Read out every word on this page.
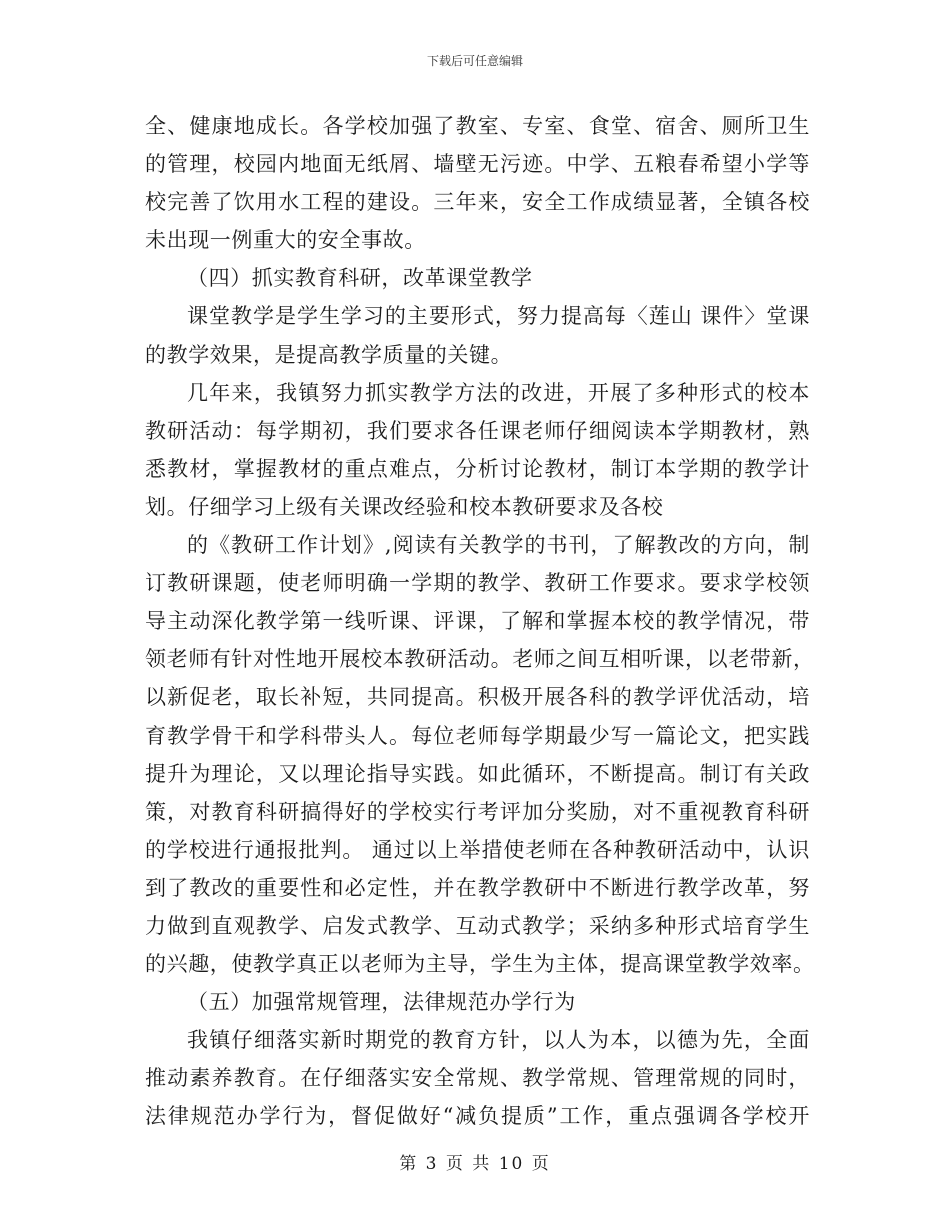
下载后可任意编辑
全、健康地成长。各学校加强了教室、专室、食堂、宿舍、厕所卫生
的管理，校园内地面无纸屑、墙壁无污迹。中学、五粮春希望小学等
校完善了饮用水工程的建设。三年来，安全工作成绩显著，全镇各校
未出现一例重大的安全事故。
（四）抓实教育科研，改革课堂教学
课堂教学是学生学习的主要形式，努力提高每〈莲山 课件〉堂课
的教学效果，是提高教学质量的关键。
几年来，我镇努力抓实教学方法的改进，开展了多种形式的校本
教研活动：每学期初，我们要求各任课老师仔细阅读本学期教材，熟
悉教材，掌握教材的重点难点，分析讨论教材，制订本学期的教学计
划。仔细学习上级有关课改经验和校本教研要求及各校
的《教研工作计划》,阅读有关教学的书刊，了解教改的方向，制
订教研课题，使老师明确一学期的教学、教研工作要求。要求学校领
导主动深化教学第一线听课、评课，了解和掌握本校的教学情况，带
领老师有针对性地开展校本教研活动。老师之间互相听课，以老带新，
以新促老，取长补短，共同提高。积极开展各科的教学评优活动，培
育教学骨干和学科带头人。每位老师每学期最少写一篇论文，把实践
提升为理论，又以理论指导实践。如此循环，不断提高。制订有关政
策，对教育科研搞得好的学校实行考评加分奖励，对不重视教育科研
的学校进行通报批判。 通过以上举措使老师在各种教研活动中，认识
到了教改的重要性和必定性，并在教学教研中不断进行教学改革，努
力做到直观教学、启发式教学、互动式教学；采纳多种形式培育学生
的兴趣，使教学真正以老师为主导，学生为主体，提高课堂教学效率。
（五）加强常规管理，法律规范办学行为
我镇仔细落实新时期党的教育方针，以人为本，以德为先，全面
推动素养教育。在仔细落实安全常规、教学常规、管理常规的同时，
法律规范办学行为，督促做好“减负提质”工作，重点强调各学校开
第 3 页 共 10 页
